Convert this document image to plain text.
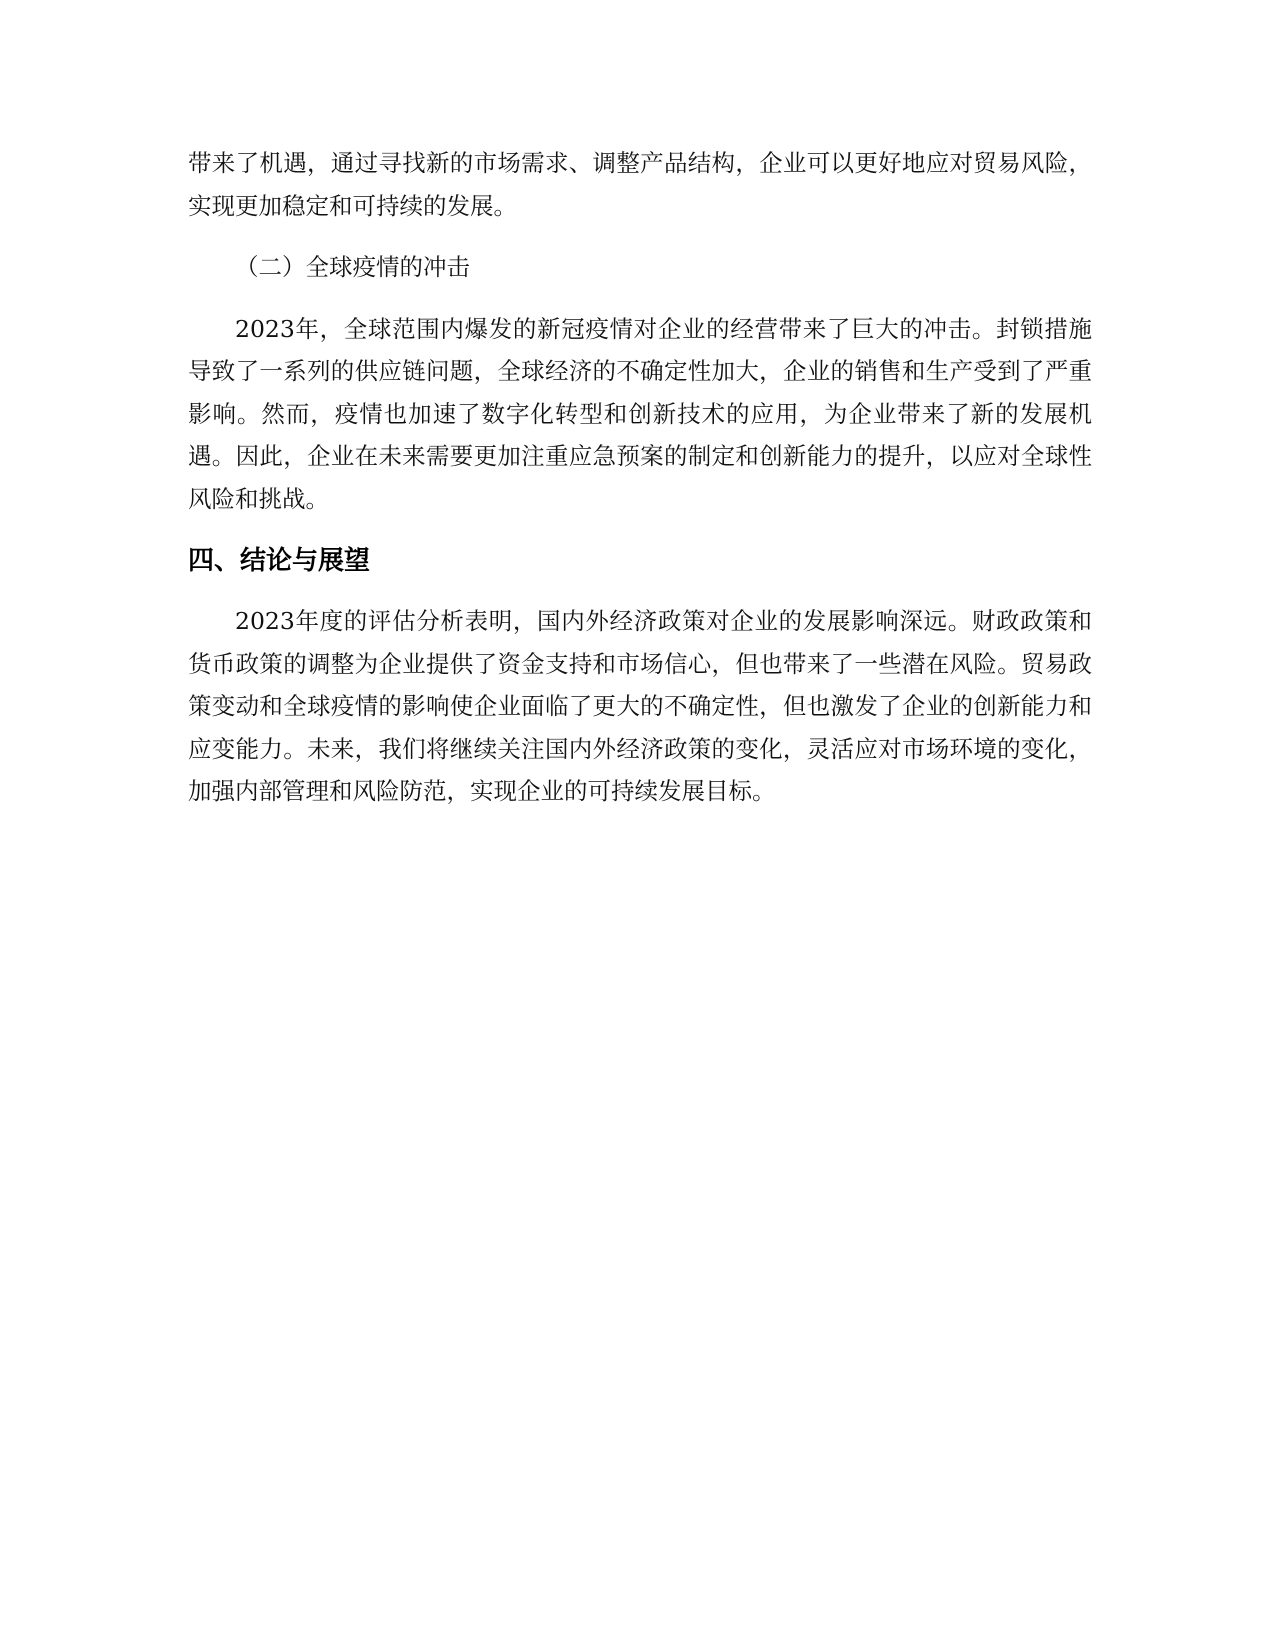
带来了机遇，通过寻找新的市场需求、调整产品结构，企业可以更好地应对贸易风险，实现更加稳定和可持续的发展。

（二）全球疫情的冲击

2023年，全球范围内爆发的新冠疫情对企业的经营带来了巨大的冲击。封锁措施导致了一系列的供应链问题，全球经济的不确定性加大，企业的销售和生产受到了严重影响。然而，疫情也加速了数字化转型和创新技术的应用，为企业带来了新的发展机遇。因此，企业在未来需要更加注重应急预案的制定和创新能力的提升，以应对全球性风险和挑战。

四、结论与展望

2023年度的评估分析表明，国内外经济政策对企业的发展影响深远。财政政策和货币政策的调整为企业提供了资金支持和市场信心，但也带来了一些潜在风险。贸易政策变动和全球疫情的影响使企业面临了更大的不确定性，但也激发了企业的创新能力和应变能力。未来，我们将继续关注国内外经济政策的变化，灵活应对市场环境的变化，加强内部管理和风险防范，实现企业的可持续发展目标。
